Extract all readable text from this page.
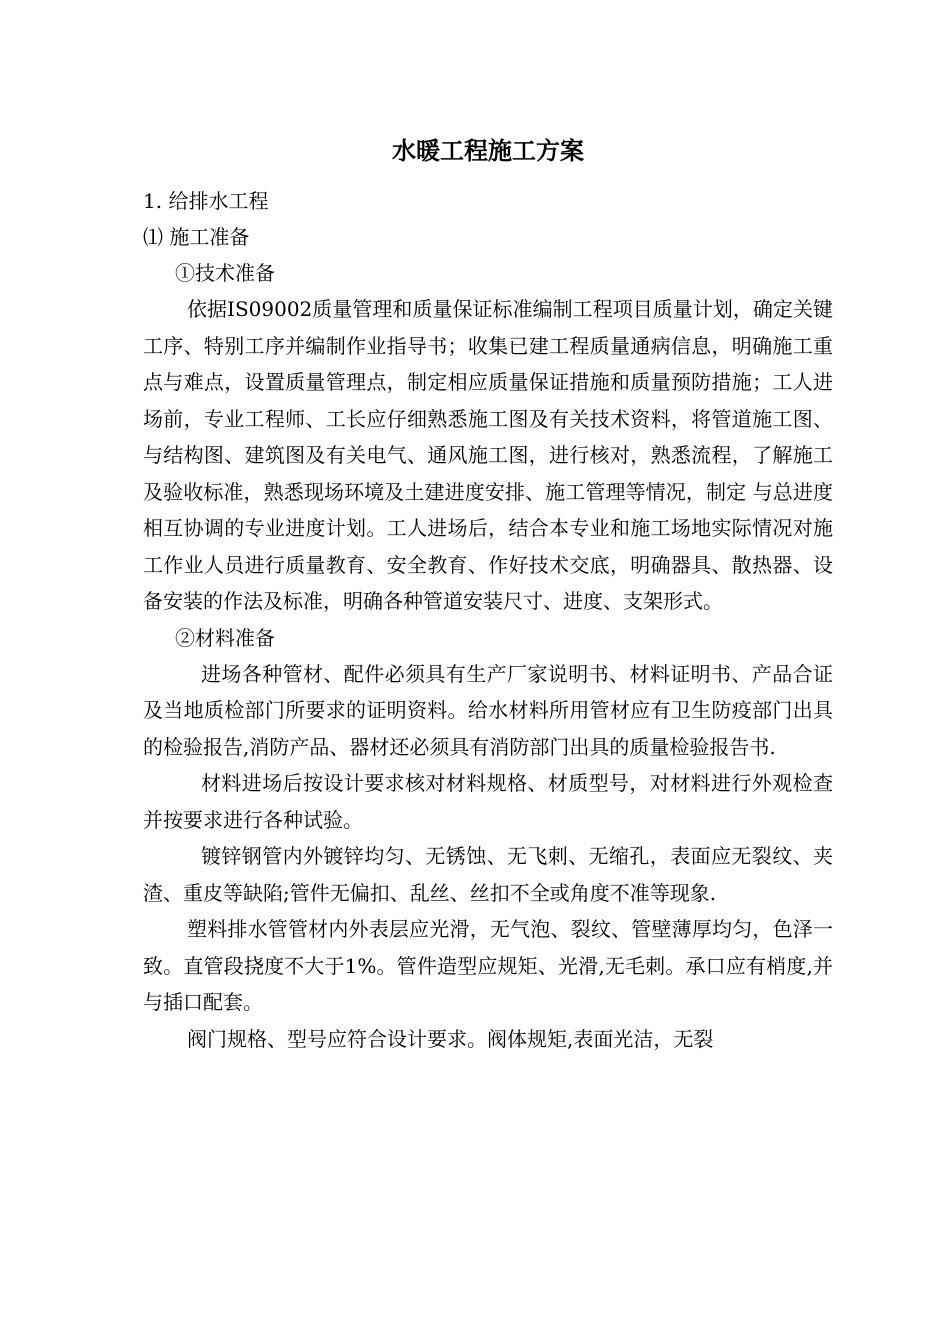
水暖工程施工方案

1. 给排水工程

⑴ 施工准备

①技术准备

依据IS09002质量管理和质量保证标准编制工程项目质量计划，确定关键工序、特别工序并编制作业指导书；收集已建工程质量通病信息，明确施工重点与难点，设置质量管理点，制定相应质量保证措施和质量预防措施；工人进场前，专业工程师、工长应仔细熟悉施工图及有关技术资料，将管道施工图、与结构图、建筑图及有关电气、通风施工图，进行核对，熟悉流程，了解施工及验收标准，熟悉现场环境及土建进度安排、施工管理等情况，制定 与总进度相互协调的专业进度计划。工人进场后，结合本专业和施工场地实际情况对施工作业人员进行质量教育、安全教育、作好技术交底，明确器具、散热器、设备安装的作法及标准，明确各种管道安装尺寸、进度、支架形式。

②材料准备

进场各种管材、配件必须具有生产厂家说明书、材料证明书、产品合证及当地质检部门所要求的证明资料。给水材料所用管材应有卫生防疫部门出具的检验报告,消防产品、器材还必须具有消防部门出具的质量检验报告书.

材料进场后按设计要求核对材料规格、材质型号，对材料进行外观检查并按要求进行各种试验。

镀锌钢管内外镀锌均匀、无锈蚀、无飞刺、无缩孔，表面应无裂纹、夹渣、重皮等缺陷;管件无偏扣、乱丝、丝扣不全或角度不准等现象.

塑料排水管管材内外表层应光滑，无气泡、裂纹、管壁薄厚均匀，色泽一致。直管段挠度不大于1%。管件造型应规矩、光滑,无毛刺。承口应有梢度,并与插口配套。

阀门规格、型号应符合设计要求。阀体规矩,表面光洁，无裂
